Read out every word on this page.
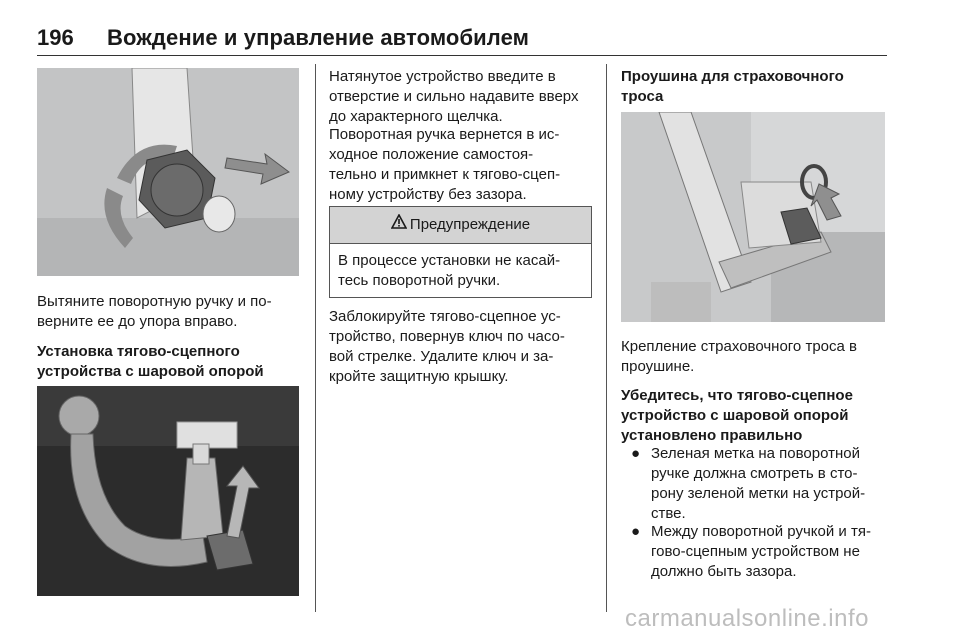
196 Вождение и управление автомобилем

Вытяните поворотную ручку и по-
верните ее до упора вправо.

Установка тягово-сцепного
устройства с шаровой опорой

Натянутое устройство введите в
отверстие и сильно надавите вверх
до характерного щелчка.

Поворотная ручка вернется в ис-
ходное положение самостоя-
тельно и примкнет к тягово-сцеп-
ному устройству без зазора.

Предупреждение
В процессе установки не касай-
тесь поворотной ручки.

Заблокируйте тягово-сцепное ус-
тройство, повернув ключ по часо-
вой стрелке. Удалите ключ и за-
кройте защитную крышку.

Проушина для страховочного
троса

Крепление страховочного троса в
проушине.

Убедитесь, что тягово-сцепное
устройство с шаровой опорой
установлено правильно

● Зеленая метка на поворотной
ручке должна смотреть в сто-
рону зеленой метки на устрой-
стве.

● Между поворотной ручкой и тя-
гово-сцепным устройством не
должно быть зазора.

carmanualsonline.info
